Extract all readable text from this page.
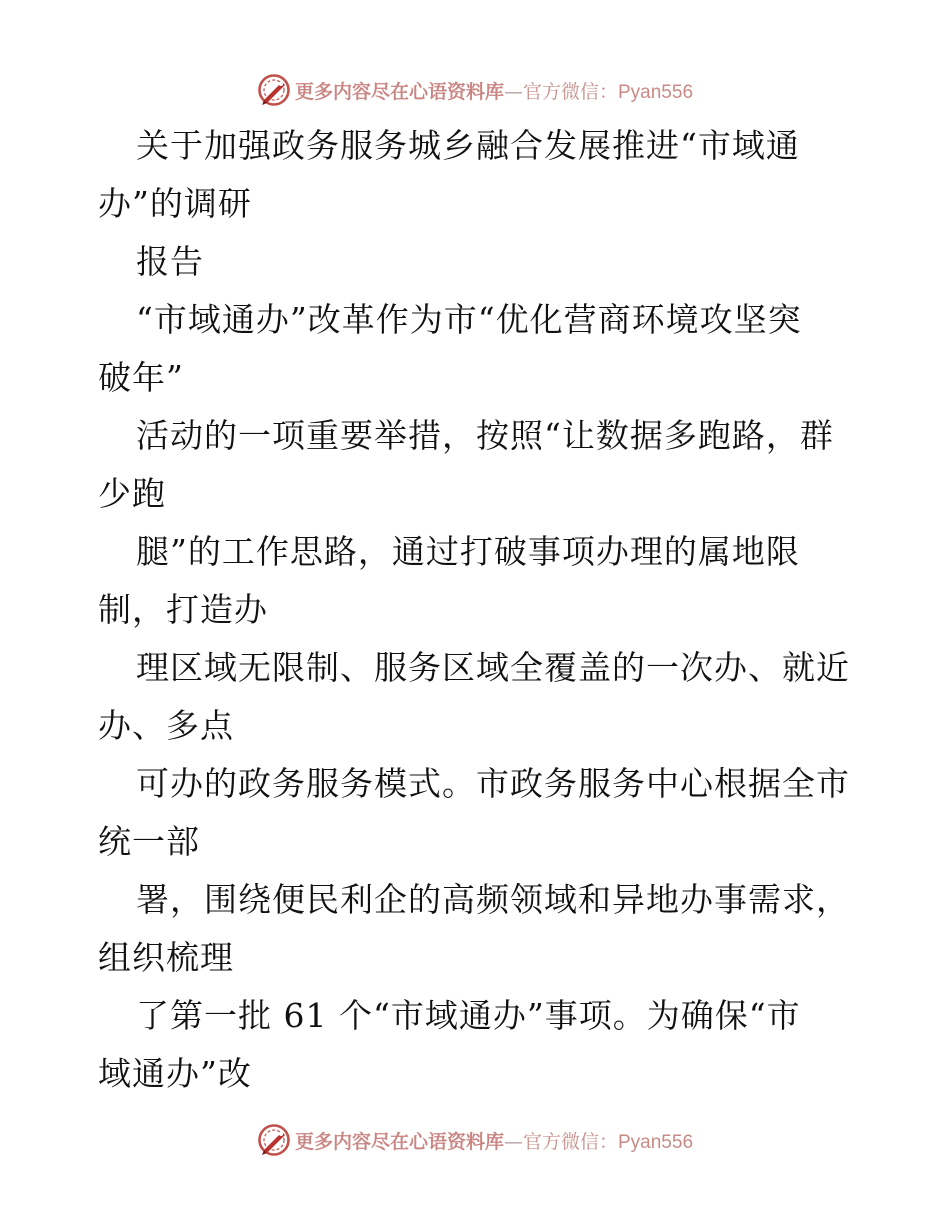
更多内容尽在心语资料库—官方微信：Pyan556
关于加强政务服务城乡融合发展推进“市域通
办”的调研
报告
“市域通办”改革作为市“优化营商环境攻坚突
破年”
活动的一项重要举措，按照“让数据多跑路，群
少跑
腿”的工作思路，通过打破事项办理的属地限
制，打造办
理区域无限制、服务区域全覆盖的一次办、就近
办、多点
可办的政务服务模式。市政务服务中心根据全市
统一部
署，围绕便民利企的高频领域和异地办事需求，
组织梳理
了第一批 61 个“市域通办”事项。为确保“市
域通办”改
更多内容尽在心语资料库—官方微信：Pyan556
